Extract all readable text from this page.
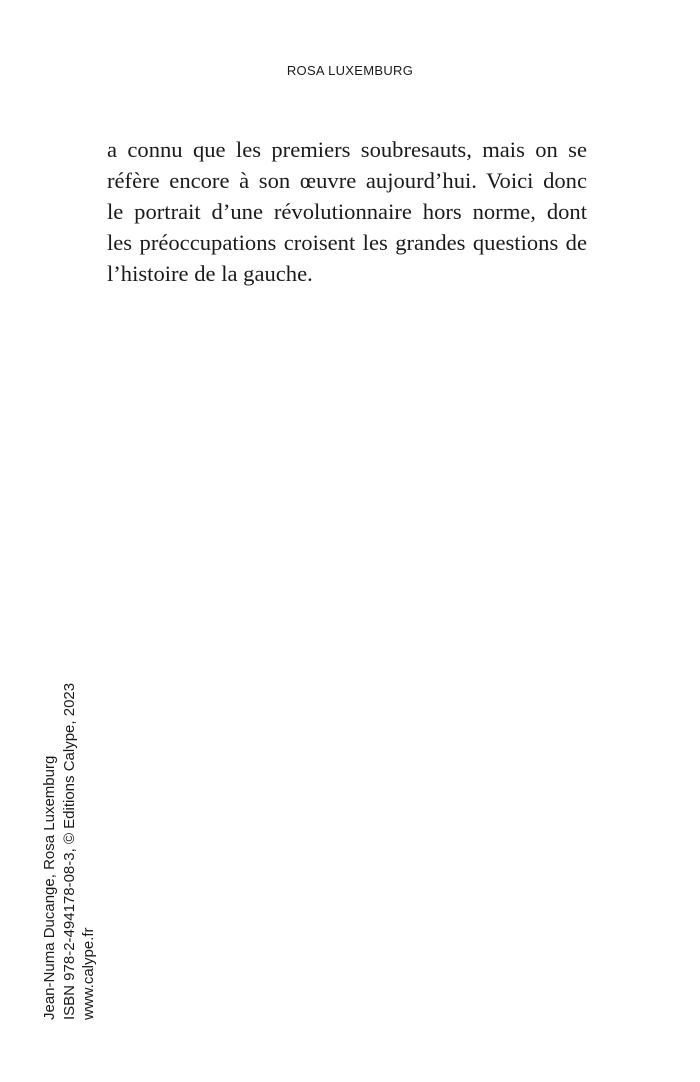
ROSA LUXEMBURG
a connu que les premiers soubresauts, mais on se
réfère encore à son œuvre aujourd’hui. Voici donc
le portrait d’une révolutionnaire hors norme, dont
les préoccupations croisent les grandes questions de
l’histoire de la gauche.
Jean-Numa Ducange, Rosa Luxemburg ISBN 978-2-494178-08-3, © Editions Calype, 2023 www.calype.fr
